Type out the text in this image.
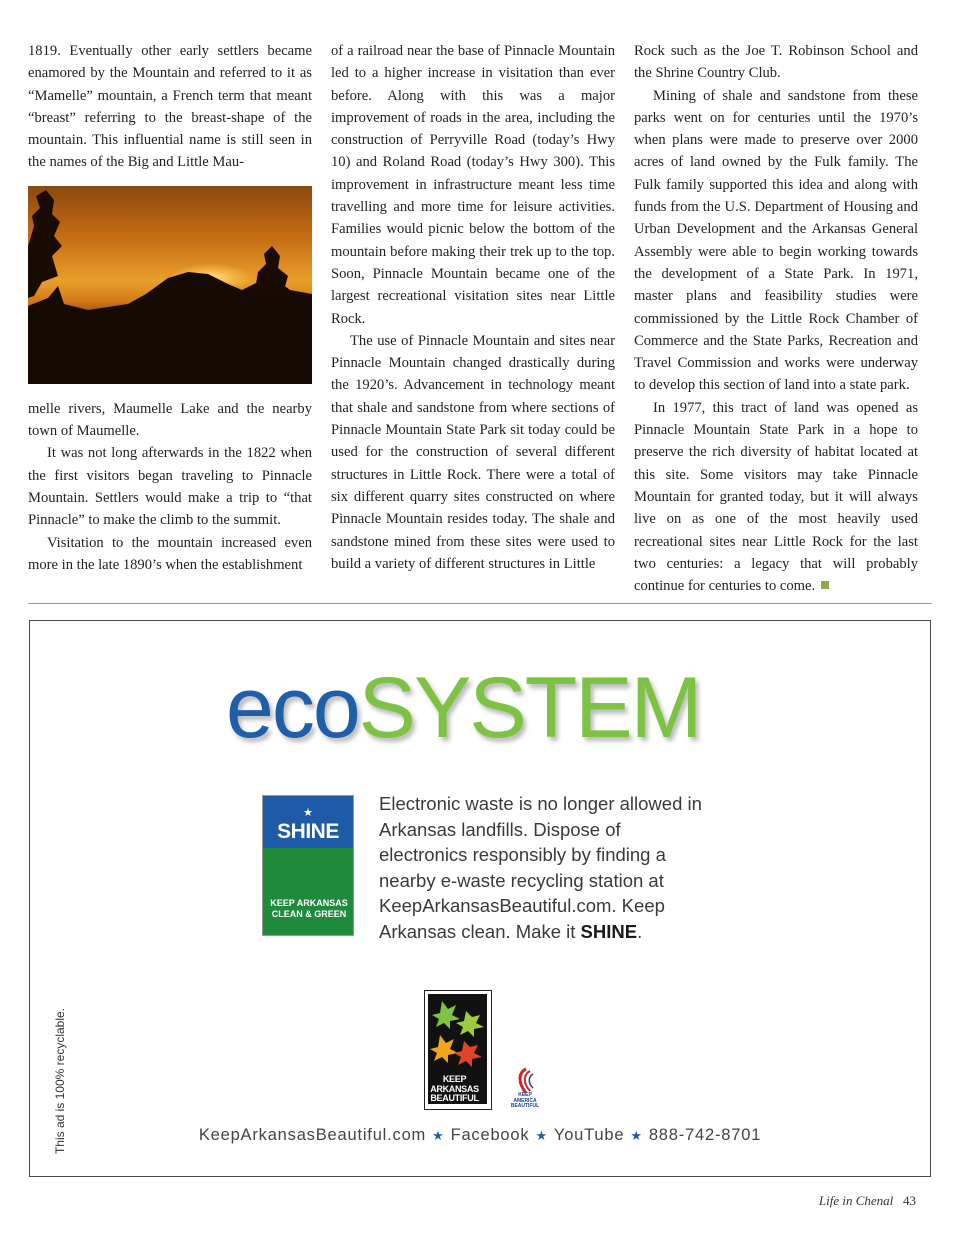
1819. Eventually other early settlers became enamored by the Mountain and referred to it as “Mamelle” mountain, a French term that meant “breast” referring to the breast-shape of the mountain. This influential name is still seen in the names of the Big and Little Mau-

melle rivers, Maumelle Lake and the nearby town of Maumelle.

It was not long afterwards in the 1822 when the first visitors began traveling to Pinnacle Mountain. Settlers would make a trip to “that Pinnacle” to make the climb to the summit.

Visitation to the mountain increased even more in the late 1890’s when the establishment

of a railroad near the base of Pinnacle Mountain led to a higher increase in visitation than ever before. Along with this was a major improvement of roads in the area, including the construction of Perryville Road (today’s Hwy 10) and Roland Road (today’s Hwy 300). This improvement in infrastructure meant less time travelling and more time for leisure activities. Families would picnic below the bottom of the mountain before making their trek up to the top. Soon, Pinnacle Mountain became one of the largest recreational visitation sites near Little Rock.

The use of Pinnacle Mountain and sites near Pinnacle Mountain changed drastically during the 1920’s. Advancement in technology meant that shale and sandstone from where sections of Pinnacle Mountain State Park sit today could be used for the construction of several different structures in Little Rock. There were a total of six different quarry sites constructed on where Pinnacle Mountain resides today. The shale and sandstone mined from these sites were used to build a variety of different structures in Little

Rock such as the Joe T. Robinson School and the Shrine Country Club.

Mining of shale and sandstone from these parks went on for centuries until the 1970’s when plans were made to preserve over 2000 acres of land owned by the Fulk family. The Fulk family supported this idea and along with funds from the U.S. Department of Housing and Urban Development and the Arkansas General Assembly were able to begin working towards the development of a State Park. In 1971, master plans and feasibility studies were commissioned by the Little Rock Chamber of Commerce and the State Parks, Recreation and Travel Commission and works were underway to develop this section of land into a state park.

In 1977, this tract of land was opened as Pinnacle Mountain State Park in a hope to preserve the rich diversity of habitat located at this site. Some visitors may take Pinnacle Mountain for granted today, but it will always live on as one of the most heavily used recreational sites near Little Rock for the last two centuries: a legacy that will probably continue for centuries to come.

ecoSYSTEM
★
SHINE
KEEP ARKANSAS
CLEAN & GREEN
Electronic waste is no longer allowed in Arkansas landfills. Dispose of electronics responsibly by finding a nearby e-waste recycling station at KeepArkansasBeautiful.com. Keep Arkansas clean. Make it SHINE.
KEEP
ARKANSAS
BEAUTIFUL	KEEP
AMERICA
BEAUTIFUL
This ad is 100% recyclable.	KeepArkansasBeautiful.com ★ Facebook ★ YouTube ★ 888-742-8701
Life in Chenal 43
